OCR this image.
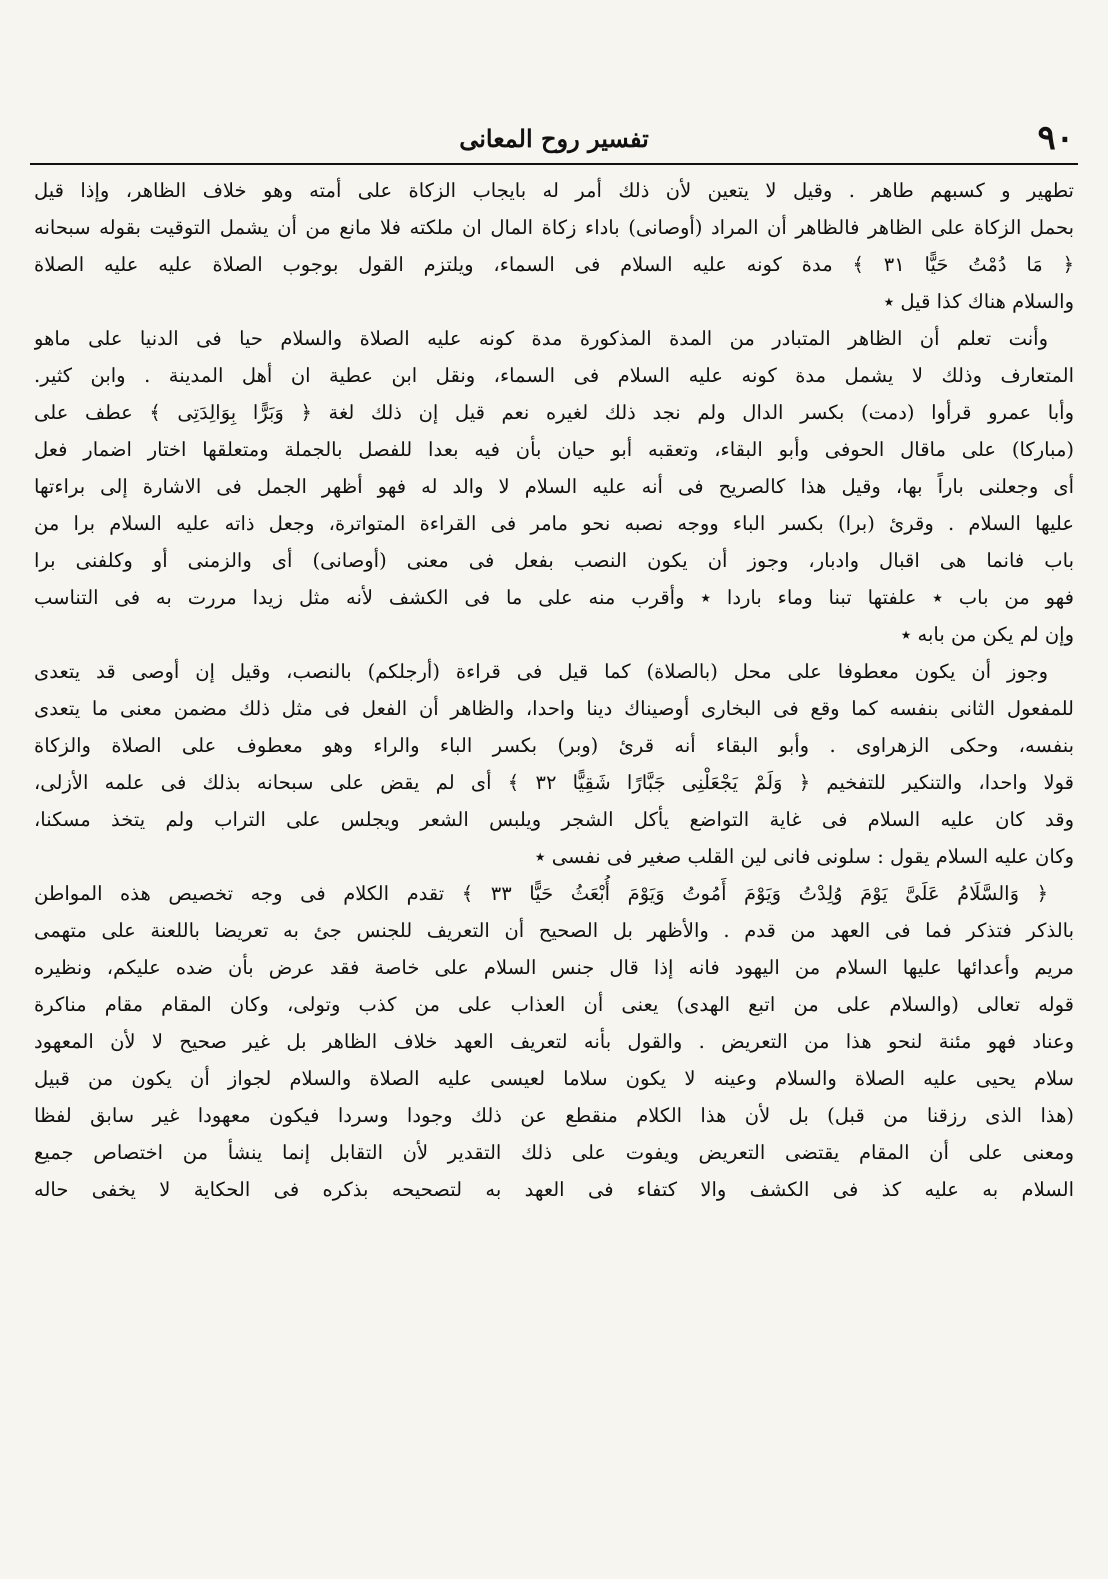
٩٠
تفسير روح المعانى
تطهير و كسبهم طاهر . وقيل لا يتعين لأن ذلك أمر له بايجاب الزكاة على أمته وهو خلاف الظاهر، وإذا قيل
بحمل الزكاة على الظاهر فالظاهر أن المراد (أوصانى) باداء زكاة المال ان ملكته فلا مانع من أن يشمل التوقيت بقوله سبحانه
﴿ مَا دُمْتُ حَيًّا ٣١ ﴾ مدة كونه عليه السلام فى السماء، ويلتزم القول بوجوب الصلاة عليه عليه الصلاة
والسلام هناك كذا قيل ٭
وأنت تعلم أن الظاهر المتبادر من المدة المذكورة مدة كونه عليه الصلاة والسلام حيا فى الدنيا على ماهو
المتعارف وذلك لا يشمل مدة كونه عليه السلام فى السماء، ونقل ابن عطية ان أهل المدينة . وابن كثير.
وأبا عمرو قرأوا (دمت) بكسر الدال ولم نجد ذلك لغيره نعم قيل إن ذلك لغة ﴿ وَبَرًّا بِوَالِدَتِى ﴾ عطف على
(مباركا) على ماقال الحوفى وأبو البقاء، وتعقبه أبو حيان بأن فيه بعدا للفصل بالجملة ومتعلقها اختار اضمار فعل
أى وجعلنى باراً بها، وقيل هذا كالصريح فى أنه عليه السلام لا والد له فهو أظهر الجمل فى الاشارة إلى براءتها
عليها السلام . وقرئ (برا) بكسر الباء ووجه نصبه نحو مامر فى القراءة المتواترة، وجعل ذاته عليه السلام برا من
باب فانما هى اقبال وادبار، وجوز أن يكون النصب بفعل فى معنى (أوصانى) أى والزمنى أو وكلفنى برا
فهو من باب ٭ علفتها تبنا وماء باردا ٭ وأقرب منه على ما فى الكشف لأنه مثل زيدا مررت به فى التناسب
وإن لم يكن من بابه ٭
وجوز أن يكون معطوفا على محل (بالصلاة) كما قيل فى قراءة (أرجلكم) بالنصب، وقيل إن أوصى قد يتعدى
للمفعول الثانى بنفسه كما وقع فى البخارى أوصيناك دينا واحدا، والظاهر أن الفعل فى مثل ذلك مضمن معنى ما يتعدى
بنفسه، وحكى الزهراوى . وأبو البقاء أنه قرئ (وبر) بكسر الباء والراء وهو معطوف على الصلاة والزكاة
قولا واحدا، والتنكير للتفخيم ﴿ وَلَمْ يَجْعَلْنِى جَبَّارًا شَقِيًّا ٣٢ ﴾ أى لم يقض على سبحانه بذلك فى علمه الأزلى،
وقد كان عليه السلام فى غاية التواضع يأكل الشجر ويلبس الشعر ويجلس على التراب ولم يتخذ مسكنا،
وكان عليه السلام يقول : سلونى فانى لين القلب صغير فى نفسى ٭
﴿ وَالسَّلَامُ عَلَىَّ يَوْمَ وُلِدْتُ وَيَوْمَ أَمُوتُ وَيَوْمَ أُبْعَثُ حَيًّا ٣٣ ﴾ تقدم الكلام فى وجه تخصيص هذه المواطن
بالذكر فتذكر فما فى العهد من قدم . والأظهر بل الصحيح أن التعريف للجنس جئ به تعريضا باللعنة على متهمى
مريم وأعدائها عليها السلام من اليهود فانه إذا قال جنس السلام على خاصة فقد عرض بأن ضده عليكم، ونظيره
قوله تعالى (والسلام على من اتبع الهدى) يعنى أن العذاب على من كذب وتولى، وكان المقام مقام مناكرة
وعناد فهو مئنة لنحو هذا من التعريض . والقول بأنه لتعريف العهد خلاف الظاهر بل غير صحيح لا لأن المعهود
سلام يحيى عليه الصلاة والسلام وعينه لا يكون سلاما لعيسى عليه الصلاة والسلام لجواز أن يكون من قبيل
(هذا الذى رزقنا من قبل) بل لأن هذا الكلام منقطع عن ذلك وجودا وسردا فيكون معهودا غير سابق لفظا
ومعنى على أن المقام يقتضى التعريض ويفوت على ذلك التقدير لأن التقابل إنما ينشأ من اختصاص جميع
السلام به عليه كذ فى الكشف والا كتفاء فى العهد به لتصحيحه بذكره فى الحكاية لا يخفى حاله
